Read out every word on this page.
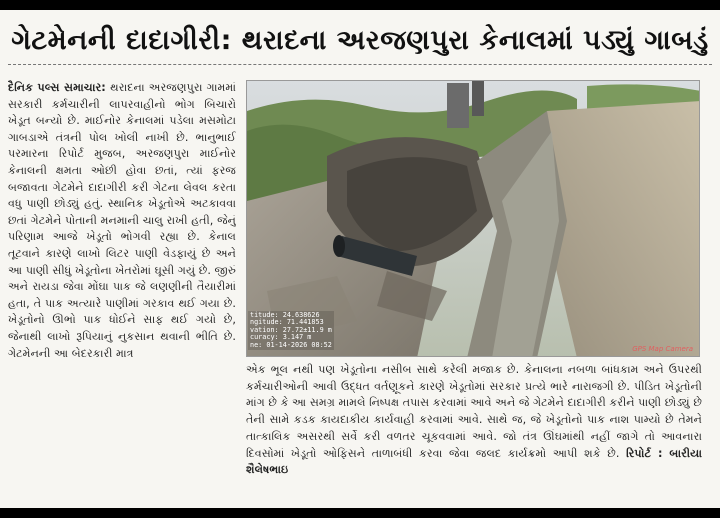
ગેટમેનની દાદાગીરી: થરાદના અરજણપુરા કેનાલમાં પડ્યું ગાબડું
દૈનિક પલ્સ સમાચાર: થરાદના અરજણપુરા ગામમાં સરકારી કર્મચારીની લાપરવાહીનો ભોગ બિચારો ખેડૂત બન્યો છે. માઈનોર કેનાલમાં પડેલા મસમોટા ગાબડાએ તંત્રની પોલ ખોલી નાખી છે. ભાનુભાઈ પરમારના રિપોર્ટ મુજબ, અરજણપુરા માઈનોર કેનાલની ક્ષમતા ઓછી હોવા છતાં, ત્યાં ફરજ બજાવતા ગેટમેને દાદાગીરી કરી ગેટના લેવલ કરતા વધુ પાણી છોડ્યું હતું. સ્થાનિક ખેડૂતોએ અટકાવવા છતાં ગેટમેને પોતાની મનમાની ચાલુ રાખી હતી, જેનું પરિણામ આજે ખેડૂતો ભોગવી રહ્યા છે. કેનાલ તૂટવાને કારણે લાખો લિટર પાણી વેડફાયું છે અને આ પાણી સીધું ખેડૂતોના ખેતરોમાં ઘૂસી ગયું છે. જીરું અને રાયડા જેવા મોંઘા પાક જે લણણીની તૈયારીમાં હતા, તે પાક અત્યારે પાણીમાં ગરકાવ થઈ ગયા છે. ખેડૂતોનો ઊભો પાક ધોઈને સાફ થઈ ગયો છે, જેનાથી લાખો રૂપિયાનું નુકસાન થવાની ભીતિ છે. ગેટમેનની આ બેદરકારી માત્ર	GPS Map Camera
titude: 24.638626
ngitude: 71.441853
vation: 27.72±11.9 m
curacy: 3.147 m
ne: 01-14-2026 08:52
એક ભૂલ નથી પણ ખેડૂતોના નસીબ સાથે કરેલી મજાક છે. કેનાલના નબળા બાંધકામ અને ઉપરથી કર્મચારીઓની આવી ઉદ્ધત વર્તણૂકને કારણે ખેડૂતોમાં સરકાર પ્રત્યે ભારે નારાજગી છે. પીડિત ખેડૂતોની માંગ છે કે આ સમગ્ર મામલે નિષ્પક્ષ તપાસ કરવામાં આવે અને જે ગેટમેને દાદાગીરી કરીને પાણી છોડ્યું છે તેની સામે કડક કાયદાકીય કાર્યવાહી કરવામાં આવે. સાથે જ, જે ખેડૂતોનો પાક નાશ પામ્યો છે તેમને તાત્કાલિક અસરથી સર્વે કરી વળતર ચૂકવવામાં આવે. જો તંત્ર ઊંઘમાંથી નહીં જાગે તો આવનારા દિવસોમાં ખેડૂતો ઓફિસને તાળાબંધી કરવા જેવા જલદ કાર્યક્રમો આપી શકે છે. રિપોર્ટ : બારીયા શૈલેષભાઇ
